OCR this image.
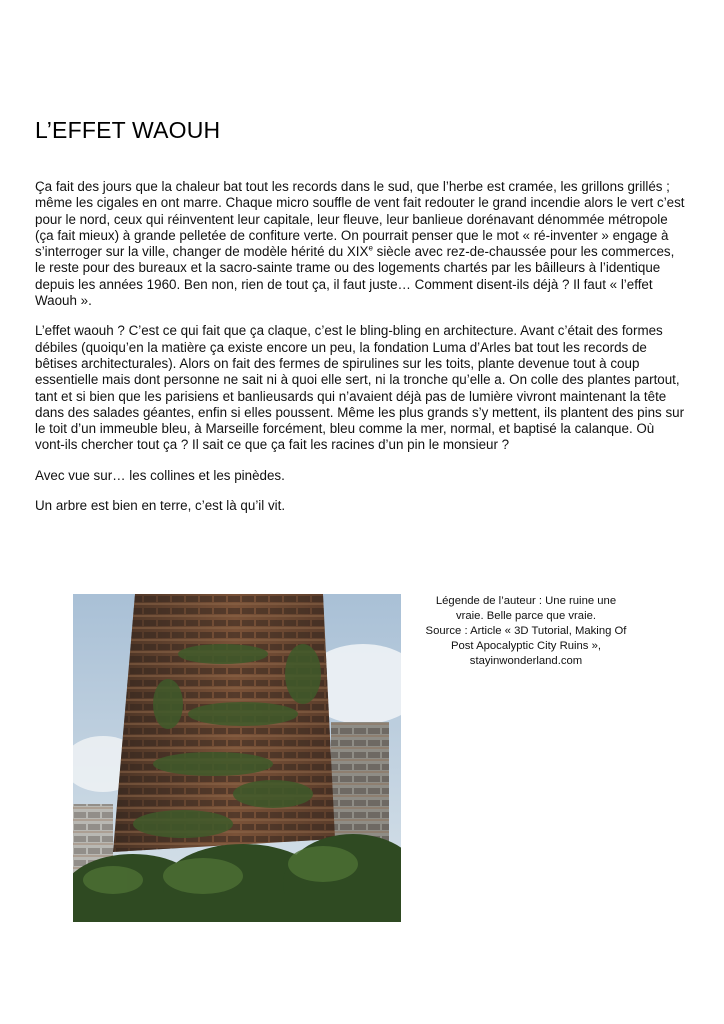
L’EFFET WAOUH

Ça fait des jours que la chaleur bat tout les records dans le sud, que l’herbe est cramée, les grillons grillés ; même les cigales en ont marre. Chaque micro souffle de vent fait redouter le grand incendie alors le vert c’est pour le nord, ceux qui réinventent leur capitale, leur fleuve, leur banlieue dorénavant dénommée métropole (ça fait mieux) à grande pelletée de confiture verte. On pourrait penser que le mot « ré-inventer » engage à s’interroger sur la ville, changer de modèle hérité du XIXe siècle avec rez-de-chaussée pour les commerces, le reste pour des bureaux et la sacro-sainte trame ou des logements chartés par les bâilleurs à l’identique depuis les années 1960. Ben non, rien de tout ça, il faut juste… Comment disent-ils déjà ? Il faut « l’effet Waouh ».

L’effet waouh ? C’est ce qui fait que ça claque, c’est le bling-bling en architecture. Avant c’était des formes débiles (quoiqu’en la matière ça existe encore un peu, la fondation Luma d’Arles bat tout les records de bêtises architecturales). Alors on fait des fermes de spirulines sur les toits, plante devenue tout à coup essentielle mais dont personne ne sait ni à quoi elle sert, ni la tronche qu’elle a. On colle des plantes partout, tant et si bien que les parisiens et banlieusards qui n’avaient déjà pas de lumière vivront maintenant la tête dans des salades géantes, enfin si elles poussent. Même les plus grands s’y mettent, ils plantent des pins sur le toit d’un immeuble bleu, à Marseille forcément, bleu comme la mer, normal, et baptisé la calanque. Où vont-ils chercher tout ça ? Il sait ce que ça fait les racines d’un pin le monsieur ?

Avec vue sur… les collines et les pinèdes.

Un arbre est bien en terre, c’est là qu’il vit.

Légende de l’auteur : Une ruine une
vraie. Belle parce que vraie.
Source : Article « 3D Tutorial, Making Of
Post Apocalyptic City Ruins »,
stayinwonderland.com
